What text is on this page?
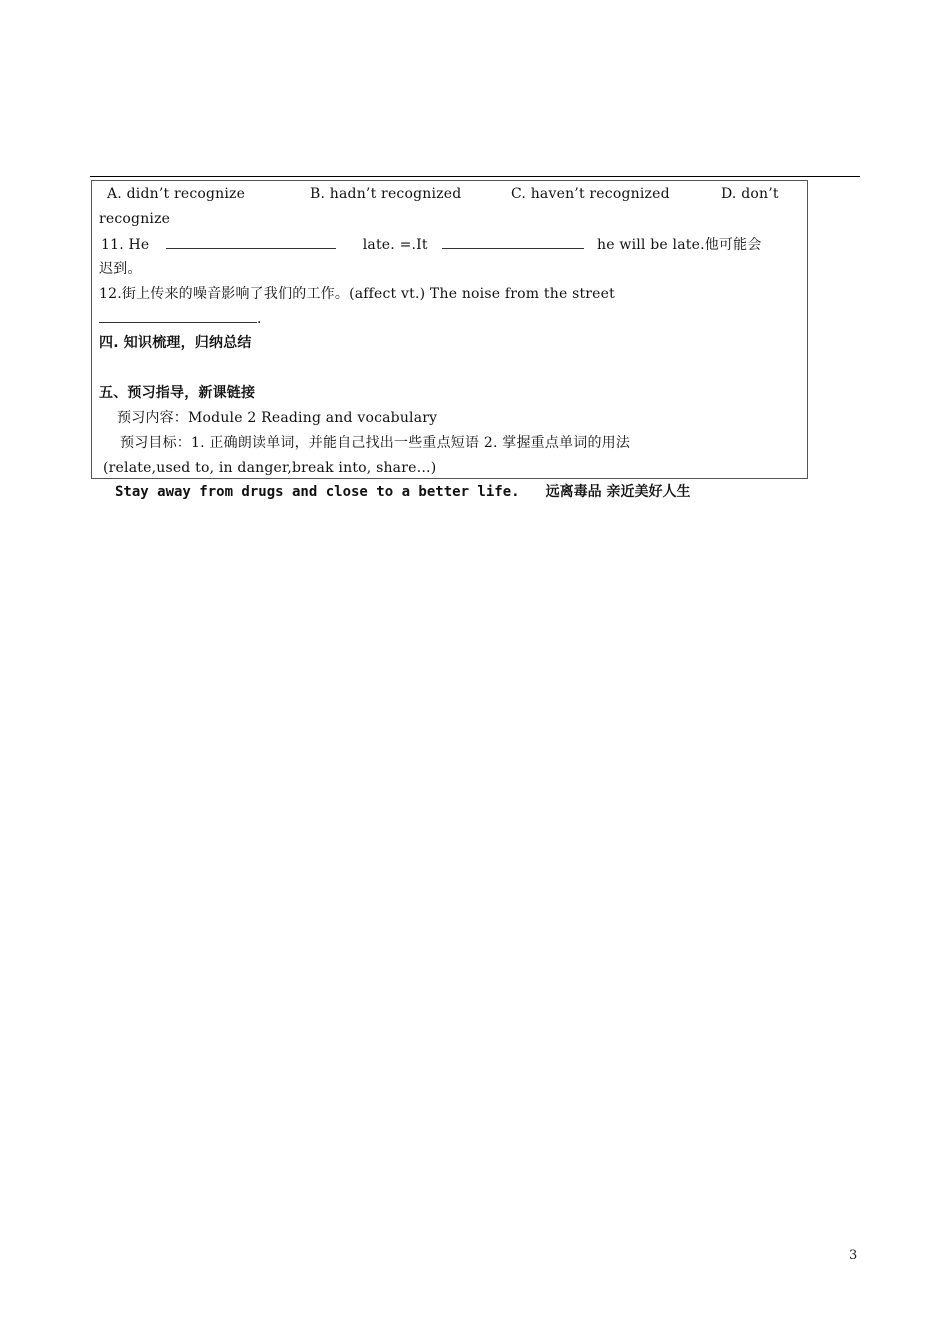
A. didn’t recognize	B. hadn’t recognized	C. haven’t recognized	D. don’t
recognize
11. He	late. =.It	he will be late.他可能会
迟到。
12.街上传来的噪音影响了我们的工作。(affect vt.) The noise from the street
.
四. 知识梳理，归纳总结
五、预习指导，新课链接
预习内容：Module 2 Reading and vocabulary
预习目标：1. 正确朗读单词，并能自己找出一些重点短语 2. 掌握重点单词的用法
(relate,used to, in danger,break into, share…)
Stay away from drugs and close to a better life. 远离毒品 亲近美好人生
3
